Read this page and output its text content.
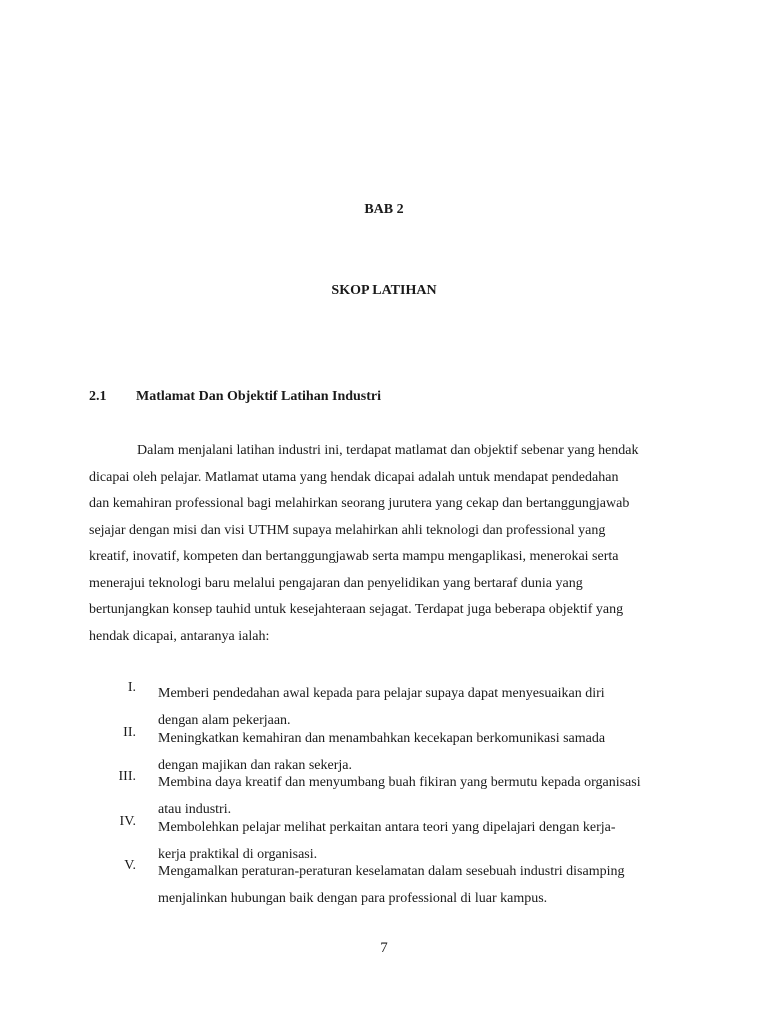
BAB 2
SKOP LATIHAN
2.1 Matlamat Dan Objektif Latihan Industri
Dalam menjalani latihan industri ini, terdapat matlamat dan objektif sebenar yang hendak
dicapai oleh pelajar. Matlamat utama yang hendak dicapai adalah untuk mendapat pendedahan
dan kemahiran professional bagi melahirkan seorang jurutera yang cekap dan bertanggungjawab
sejajar dengan misi dan visi UTHM supaya melahirkan ahli teknologi dan professional yang
kreatif, inovatif, kompeten dan bertanggungjawab serta mampu mengaplikasi, menerokai serta
menerajui teknologi baru melalui pengajaran dan penyelidikan yang bertaraf dunia yang
bertunjangkan konsep tauhid untuk kesejahteraan sejagat. Terdapat juga beberapa objektif yang
hendak dicapai, antaranya ialah:
I. Memberi pendedahan awal kepada para pelajar supaya dapat menyesuaikan diri
dengan alam pekerjaan.
II. Meningkatkan kemahiran dan menambahkan kecekapan berkomunikasi samada
dengan majikan dan rakan sekerja.
III. Membina daya kreatif dan menyumbang buah fikiran yang bermutu kepada organisasi
atau industri.
IV. Membolehkan pelajar melihat perkaitan antara teori yang dipelajari dengan kerja-
kerja praktikal di organisasi.
V. Mengamalkan peraturan-peraturan keselamatan dalam sesebuah industri disamping
menjalinkan hubungan baik dengan para professional di luar kampus.
7
